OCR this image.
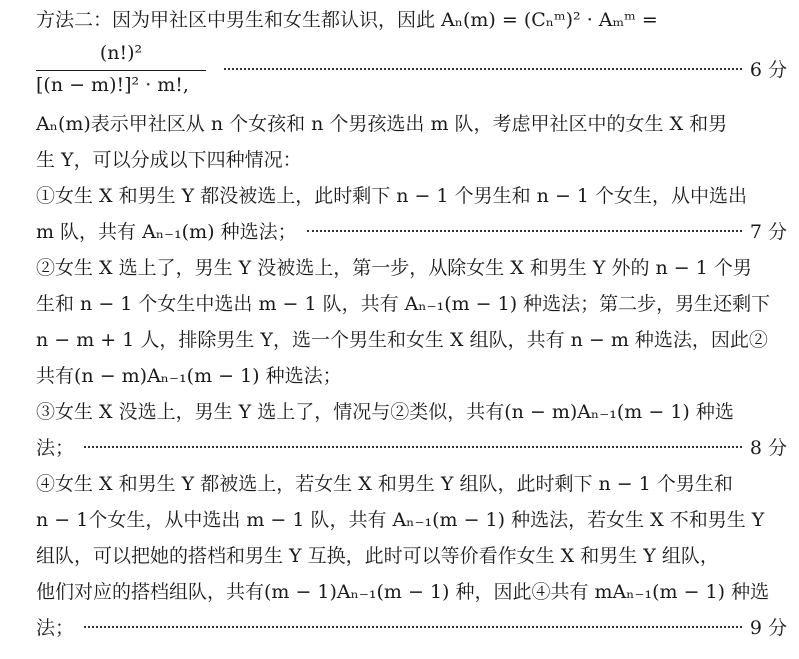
方法二：因为甲社区中男生和女生都认识，因此 Aₙ(m) = (Cₙᵐ)² · Aₘᵐ =
(n!)²
[(n − m)!]² · m!,
6 分
Aₙ(m)表示甲社区从 n 个女孩和 n 个男孩选出 m 队，考虑甲社区中的女生 X 和男
生 Y，可以分成以下四种情况：
①女生 X 和男生 Y 都没被选上，此时剩下 n − 1 个男生和 n − 1 个女生，从中选出
m 队，共有 Aₙ₋₁(m) 种选法；	7 分
②女生 X 选上了，男生 Y 没被选上，第一步，从除女生 X 和男生 Y 外的 n − 1 个男
生和 n − 1 个女生中选出 m − 1 队，共有 Aₙ₋₁(m − 1) 种选法；第二步，男生还剩下
n − m + 1 人，排除男生 Y，选一个男生和女生 X 组队，共有 n − m 种选法，因此②
共有(n − m)Aₙ₋₁(m − 1) 种选法；
③女生 X 没选上，男生 Y 选上了，情况与②类似，共有(n − m)Aₙ₋₁(m − 1) 种选
法；	8 分
④女生 X 和男生 Y 都被选上，若女生 X 和男生 Y 组队，此时剩下 n − 1 个男生和
n − 1个女生，从中选出 m − 1 队，共有 Aₙ₋₁(m − 1) 种选法，若女生 X 不和男生 Y
组队，可以把她的搭档和男生 Y 互换，此时可以等价看作女生 X 和男生 Y 组队，
他们对应的搭档组队，共有(m − 1)Aₙ₋₁(m − 1) 种，因此④共有 mAₙ₋₁(m − 1) 种选
法；	9 分
